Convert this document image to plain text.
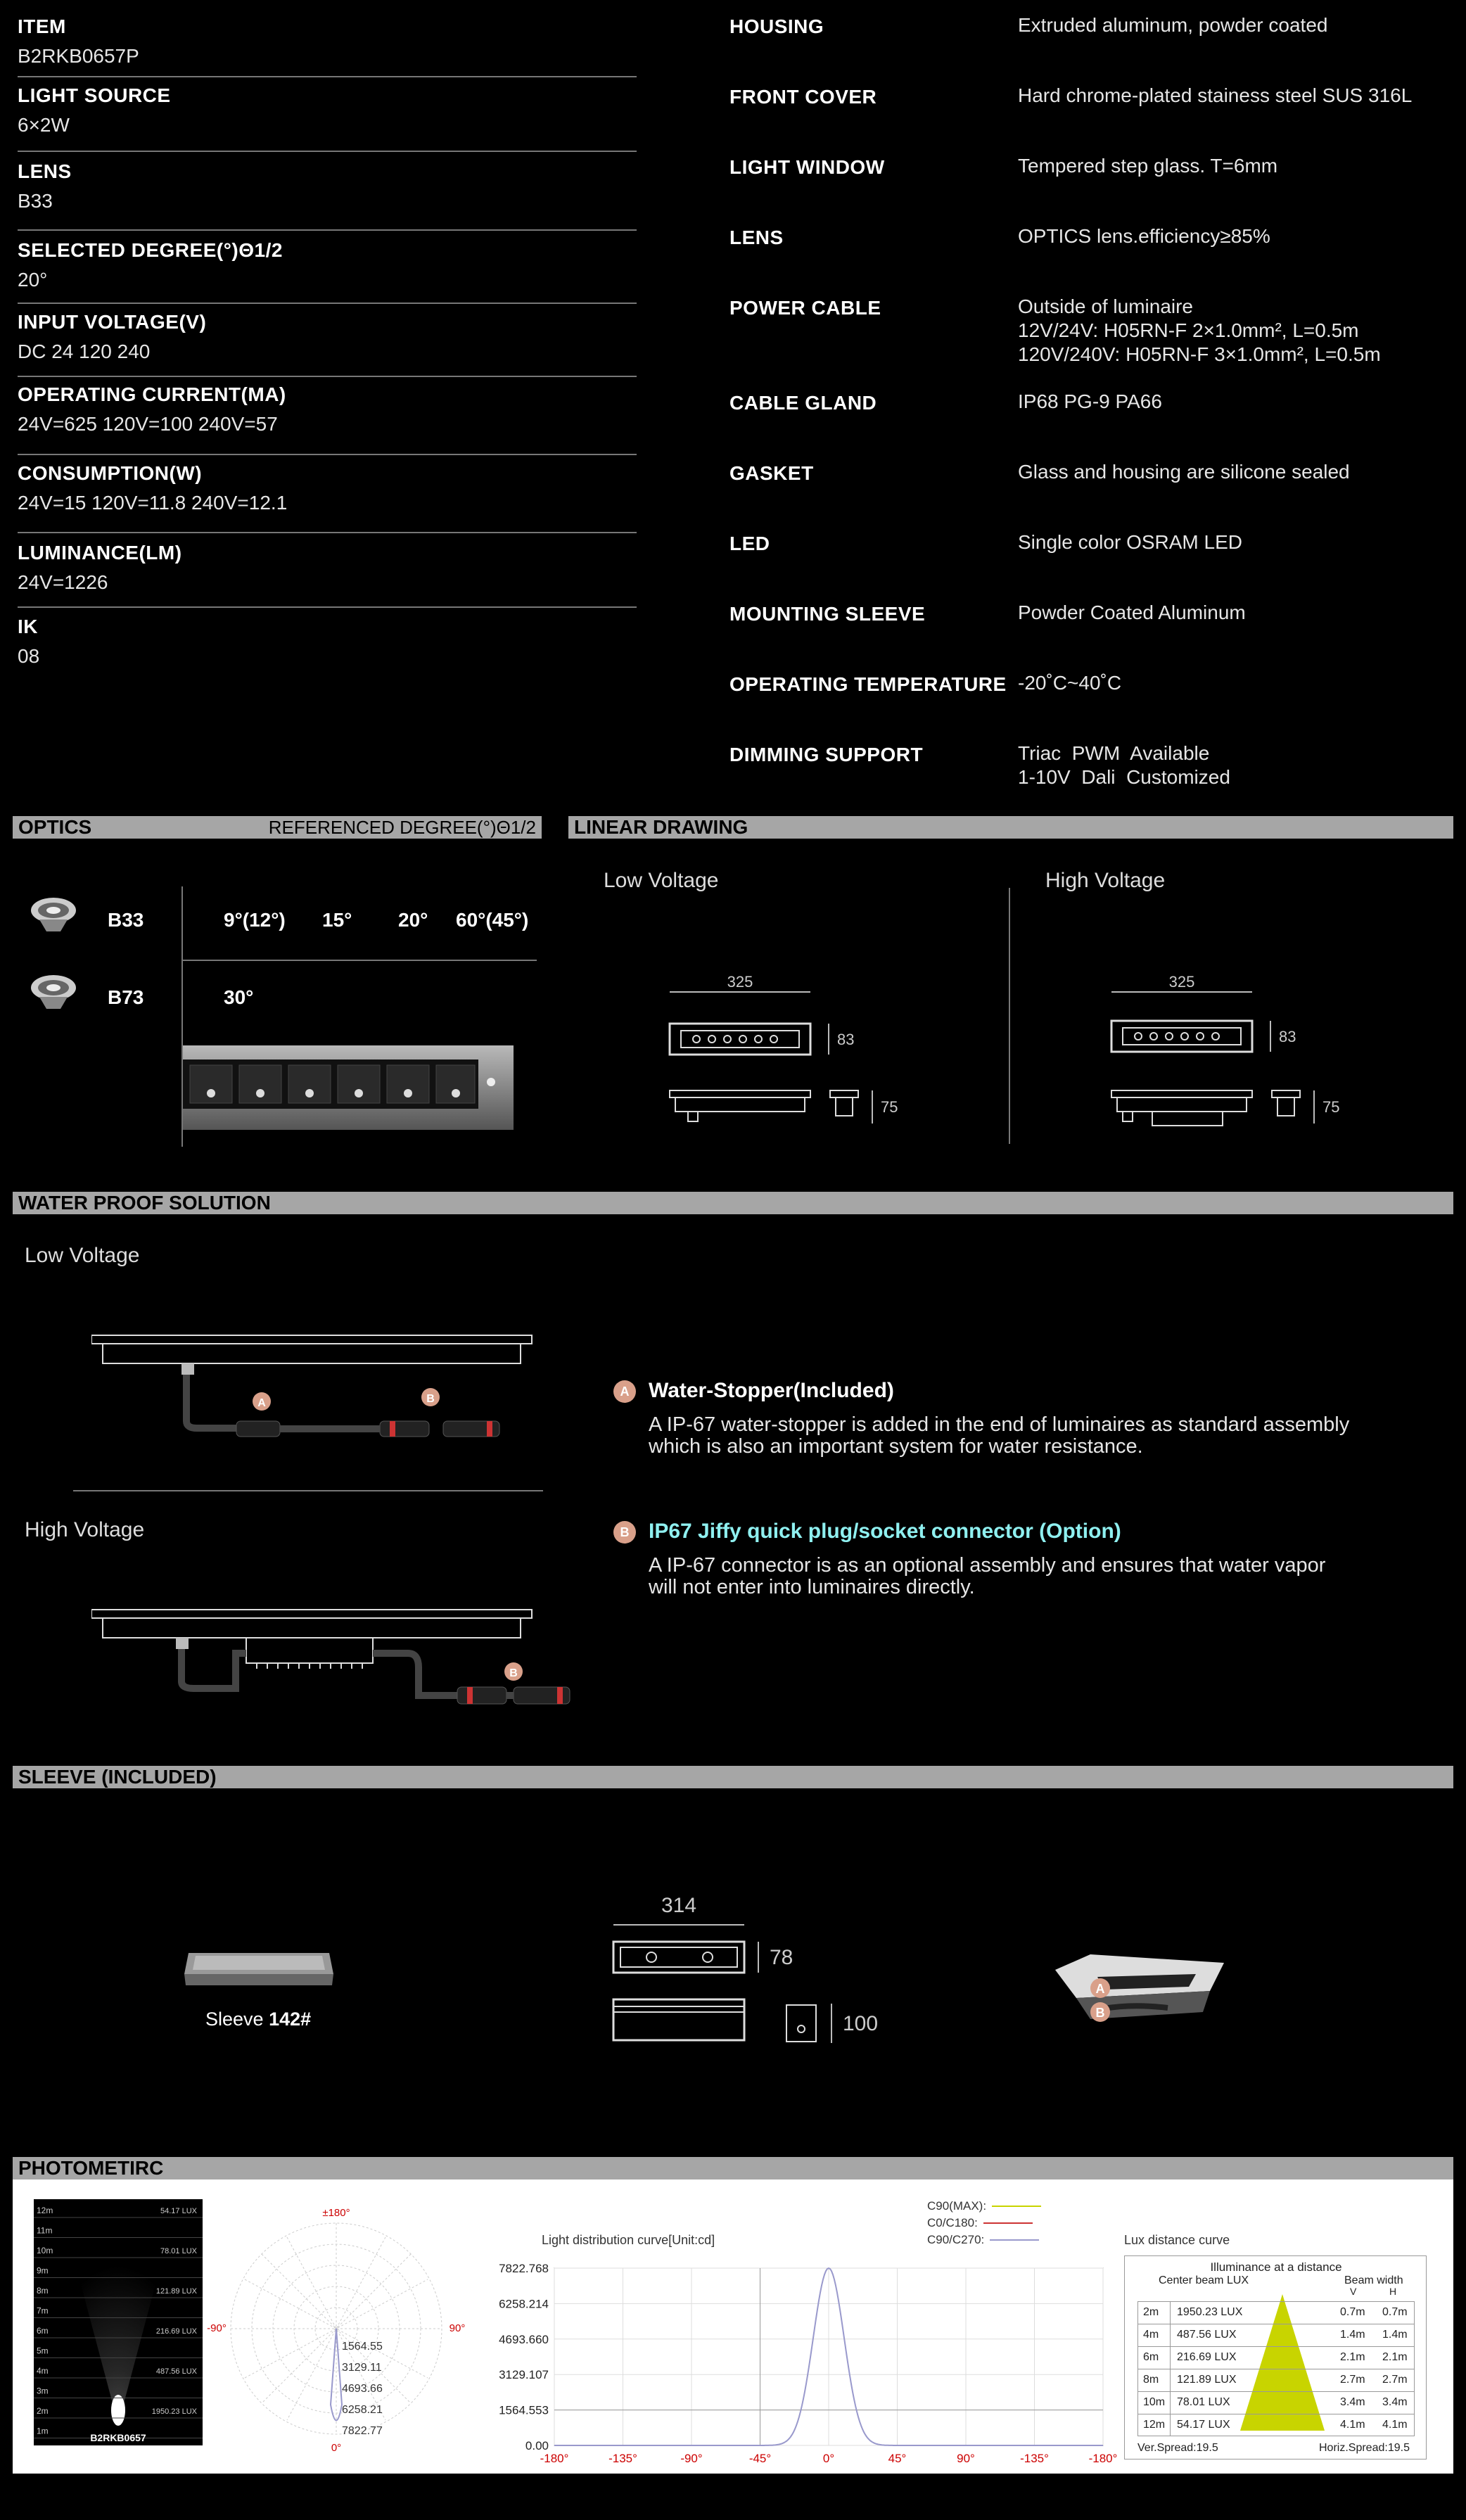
ITEM
B2RKB0657P
LIGHT SOURCE
6×2W
LENS
B33
SELECTED DEGREE(°)Θ1/2
20°
INPUT VOLTAGE(V)
DC 24 120 240
OPERATING CURRENT(MA)
24V=625 120V=100 240V=57
CONSUMPTION(W)
24V=15 120V=11.8 240V=12.1
LUMINANCE(LM)
24V=1226
IK
08
HOUSING	Extruded aluminum, powder coated
FRONT COVER	Hard chrome-plated stainess steel SUS 316L
LIGHT WINDOW	Tempered step glass. T=6mm
LENS	OPTICS lens.efficiency≥85%
POWER CABLE	Outside of luminaire
12V/24V: H05RN-F 2×1.0mm², L=0.5m
120V/240V: H05RN-F 3×1.0mm², L=0.5m
CABLE GLAND	IP68 PG-9 PA66
GASKET	Glass and housing are silicone sealed
LED	Single color OSRAM LED
MOUNTING SLEEVE	Powder Coated Aluminum
OPERATING TEMPERATURE -20˚C~40˚C
DIMMING SUPPORT	Triac  PWM  Available
1-10V  Dali  Customized
OPTICS	REFERENCED DEGREE(°)Θ1/2
B33	9°(12°) 15° 20° 60°(45°)
B73	30°
LINEAR DRAWING
Low Voltage	High Voltage
325
83
75
325
83
75
WATER PROOF SOLUTION
Low Voltage
A	B
High Voltage
B
A Water-Stopper(Included)
A IP-67 water-stopper is added in the end of luminaires as standard assembly
which is also an important system for water resistance.
B IP67 Jiffy quick plug/socket connector (Option)
A IP-67 connector is as an optional assembly and ensures that water vapor
will not enter into luminaires directly.
SLEEVE (INCLUDED)
Sleeve 142#
314
78
100
A
B
PHOTOMETIRC
12m
11m
10m
9m
8m
7m
6m
5m
4m
3m
2m
1m
54.17 LUX
78.01 LUX
121.89 LUX
216.69 LUX
487.56 LUX
1950.23 LUX
B2RKB0657
±180°
-90°	90°
0°
1564.55
3129.11
4693.66
6258.21
7822.77
C90(MAX):
C0/C180:
C90/C270:
Light distribution curve[Unit:cd]
7822.768
6258.214
4693.660
3129.107
1564.553
0.00
-180°	-135°	-90°	-45°	0°	45°	90°	-135°	-180°
Lux distance curve
Illuminance at a distance
Center beam LUX	Beam width
V	H
2m 1950.23 LUX	0.7m 0.7m
4m 487.56 LUX	1.4m 1.4m
6m 216.69 LUX	2.1m 2.1m
8m 121.89 LUX	2.7m 2.7m
10m 78.01 LUX	3.4m 3.4m
12m 54.17 LUX	4.1m 4.1m
Ver.Spread:19.5	Horiz.Spread:19.5
